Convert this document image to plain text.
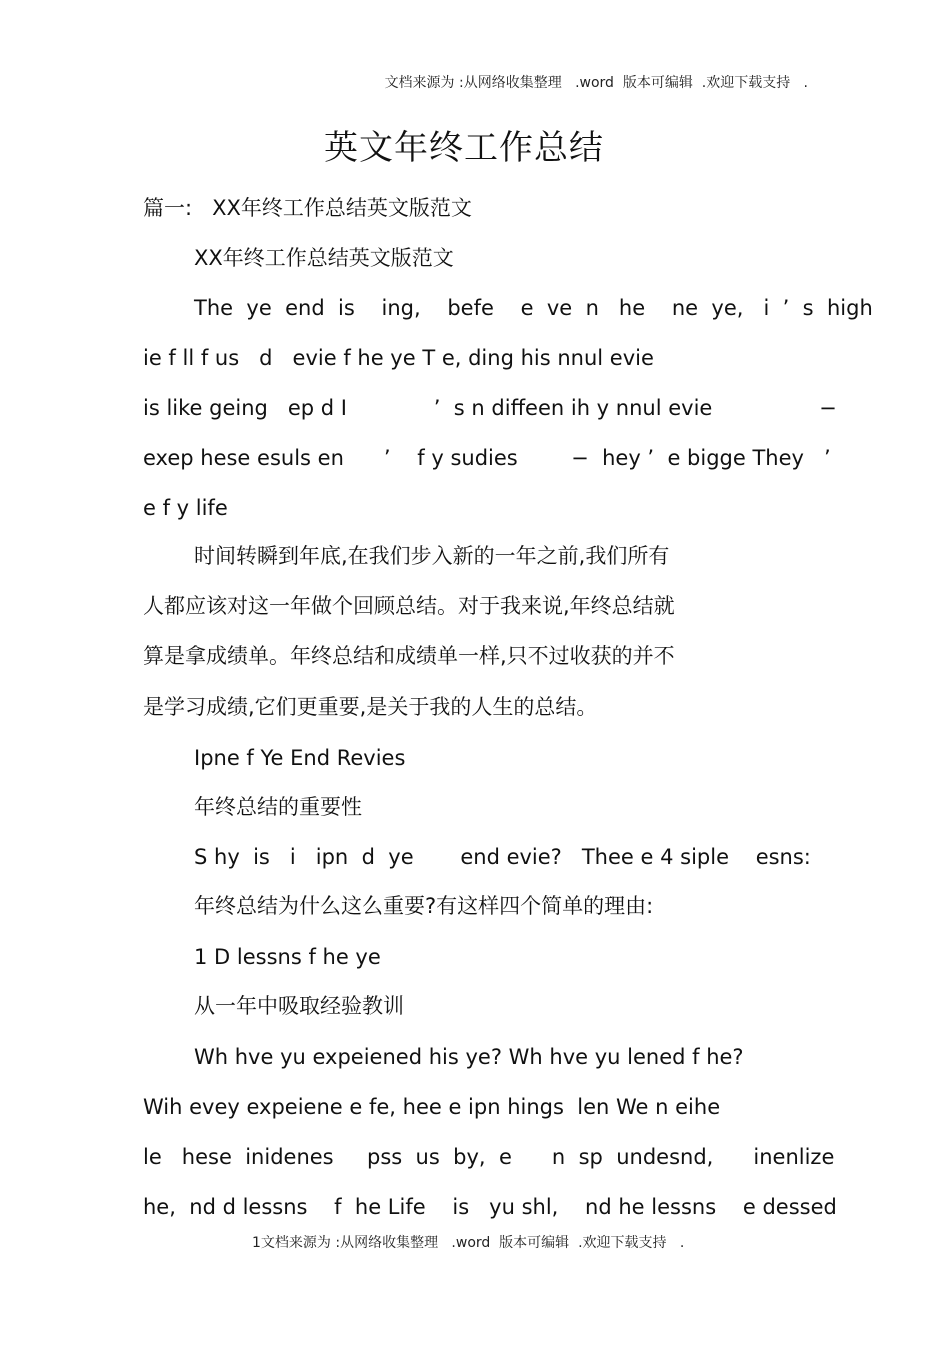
文档来源为 :从网络收集整理   .word  版本可编辑  .欢迎下载支持   .
英文年终工作总结
篇一:   XX年终工作总结英文版范文
XX年终工作总结英文版范文
The  ye  end  is    ing,    befe    e  ve  n   he    ne  ye,   i  ’  s  high
ie f ll f us   d   evie f he ye T e, ding his nnul evie
is like geing   ep d I             ’  s n diffeen ih y nnul evie                −
exep hese esuls en      ’    f y sudies        −  hey ’  e bigge They   ’
e f y life
时间转瞬到年底,在我们步入新的一年之前,我们所有
人都应该对这一年做个回顾总结。对于我来说,年终总结就
算是拿成绩单。年终总结和成绩单一样,只不过收获的并不
是学习成绩,它们更重要,是关于我的人生的总结。
Ipne f Ye End Revies
年终总结的重要性
S hy  is   i   ipn  d  ye       end evie?   Thee e 4 siple    esns:
年终总结为什么这么重要?有这样四个简单的理由:
1 D lessns f he ye
从一年中吸取经验教训
Wh hve yu expeiened his ye? Wh hve yu lened f he?
Wih evey expeiene e fe, hee e ipn hings  len We n eihe
le   hese  inidenes     pss  us  by,  e      n  sp  undesnd,      inenlize
he,  nd d lessns    f  he Life    is   yu shl,    nd he lessns    e dessed
1文档来源为 :从网络收集整理   .word  版本可编辑  .欢迎下载支持   .
